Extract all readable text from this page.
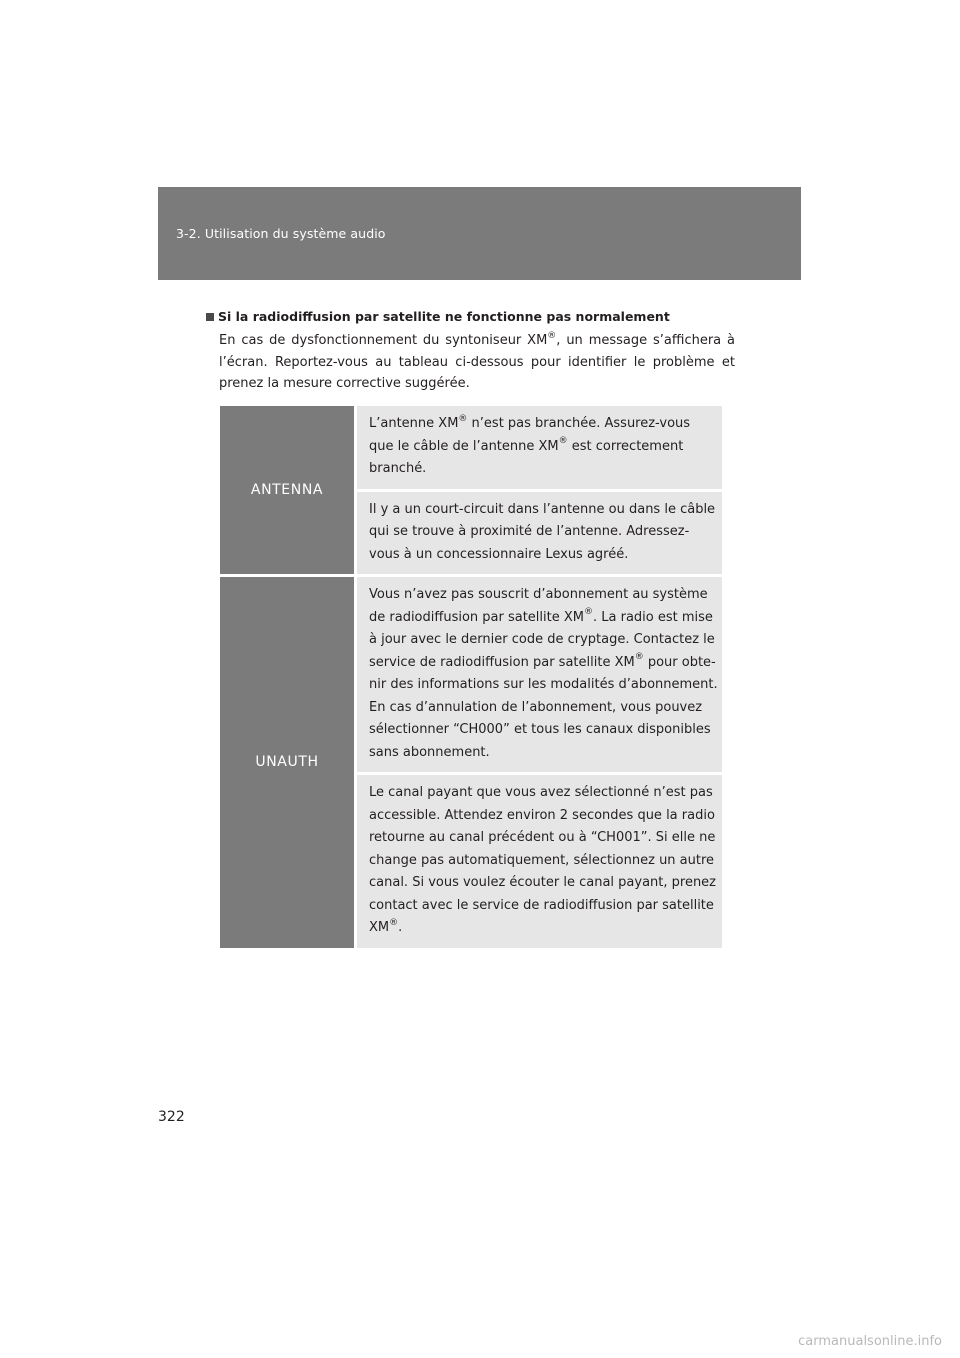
3-2. Utilisation du système audio
Si la radiodiffusion par satellite ne fonctionne pas normalement

En cas de dysfonctionnement du syntoniseur XM®, un message s’affichera à l’écran. Reportez-vous au tableau ci-dessous pour identifier le problème et prenez la mesure corrective suggérée.

ANTENNA
L’antenne XM® n’est pas branchée. Assurez-vous que le câble de l’antenne XM® est correctement branché.
Il y a un court-circuit dans l’antenne ou dans le câble qui se trouve à proximité de l’antenne. Adressez-vous à un concessionnaire Lexus agréé.
UNAUTH
Vous n’avez pas souscrit d’abonnement au système de radiodiffusion par satellite XM®. La radio est mise à jour avec le dernier code de cryptage. Contactez le service de radiodiffusion par satellite XM® pour obte-nir des informations sur les modalités d’abonnement. En cas d’annulation de l’abonnement, vous pouvez sélectionner “CH000” et tous les canaux disponibles sans abonnement.
Le canal payant que vous avez sélectionné n’est pas accessible. Attendez environ 2 secondes que la radio retourne au canal précédent ou à “CH001”. Si elle ne change pas automatiquement, sélectionnez un autre canal. Si vous voulez écouter le canal payant, prenez contact avec le service de radiodiffusion par satellite XM®.
322
carmanualsonline.info
